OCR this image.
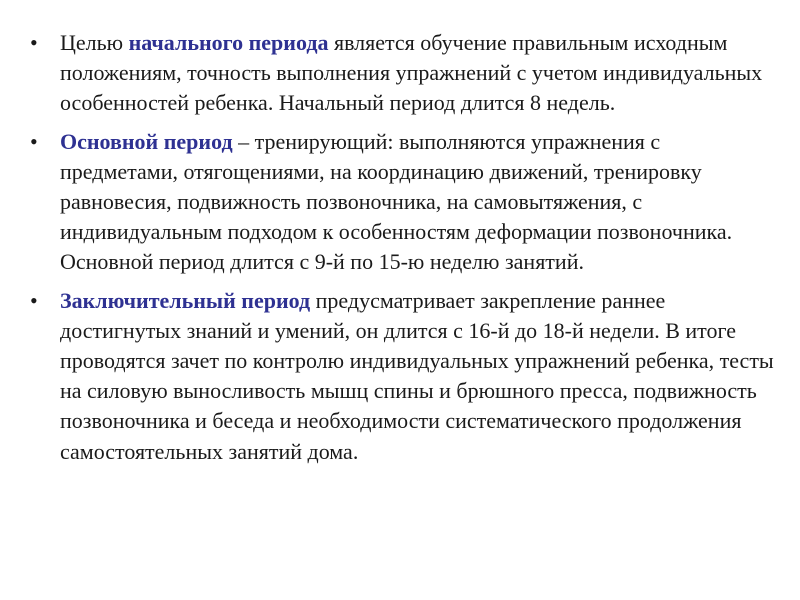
• Целью начального периода является обучение правильным исходным положениям, точность выполнения упражнений с учетом индивидуальных особенностей ребенка. Начальный период длится 8 недель.
• Основной период – тренирующий: выполняются упражнения с предметами, отягощениями, на координацию движений, тренировку равновесия, подвижность позвоночника, на самовытяжения, с индивидуальным подходом к особенностям деформации позвоночника. Основной период длится с 9-й по 15-ю неделю занятий.
• Заключительный период предусматривает закрепление раннее достигнутых знаний и умений, он длится с 16-й до 18-й недели. В итоге проводятся зачет по контролю индивидуальных упражнений ребенка, тесты на силовую выносливость мышц спины и брюшного пресса, подвижность позвоночника и беседа и необходимости систематического продолжения самостоятельных занятий дома.
